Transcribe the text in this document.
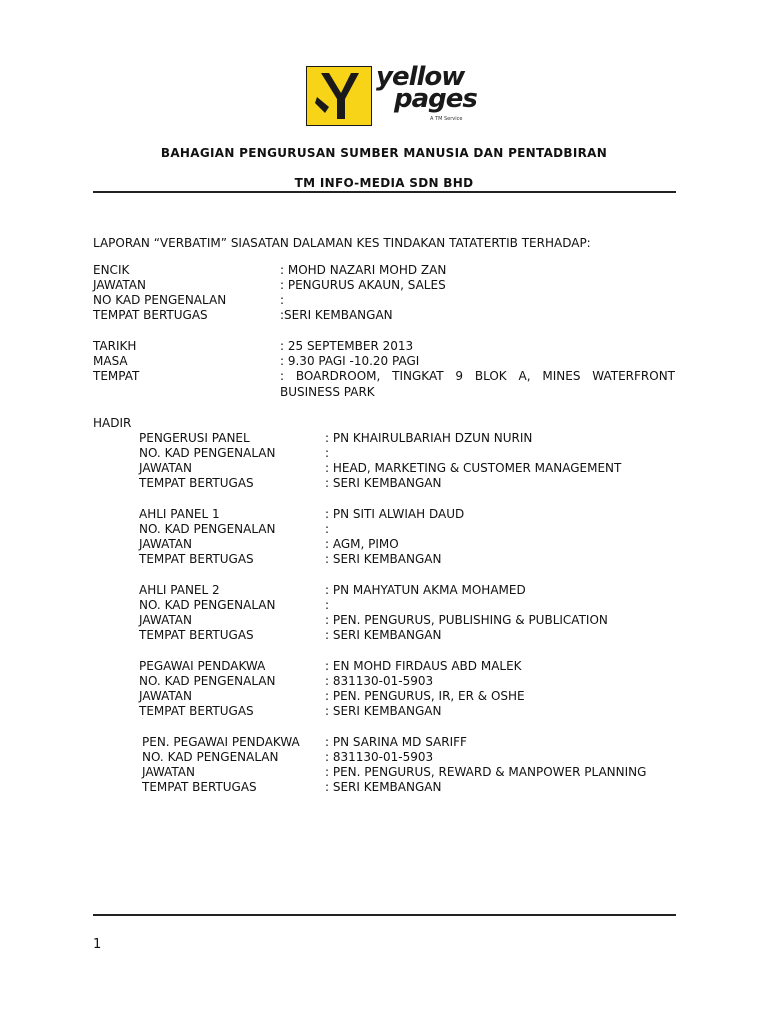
yellow
pages
A TM Service
BAHAGIAN PENGURUSAN SUMBER MANUSIA DAN PENTADBIRAN
TM INFO-MEDIA SDN BHD
LAPORAN “VERBATIM” SIASATAN DALAMAN KES TINDAKAN TATATERTIB TERHADAP:
ENCIK	: MOHD NAZARI MOHD ZAN
JAWATAN	: PENGURUS AKAUN, SALES
NO KAD PENGENALAN	:
TEMPAT BERTUGAS	:SERI KEMBANGAN
TARIKH	: 25 SEPTEMBER 2013
MASA	: 9.30 PAGI -10.20 PAGI
TEMPAT	: BOARDROOM, TINGKAT 9 BLOK A, MINES WATERFRONT
BUSINESS PARK
HADIR
PENGERUSI PANEL	: PN KHAIRULBARIAH DZUN NURIN
NO. KAD PENGENALAN	:
JAWATAN	: HEAD, MARKETING & CUSTOMER MANAGEMENT
TEMPAT BERTUGAS	: SERI KEMBANGAN
AHLI PANEL 1	: PN SITI ALWIAH DAUD
NO. KAD PENGENALAN	:
JAWATAN	: AGM, PIMO
TEMPAT BERTUGAS	: SERI KEMBANGAN
AHLI PANEL 2	: PN MAHYATUN AKMA MOHAMED
NO. KAD PENGENALAN	:
JAWATAN	: PEN. PENGURUS, PUBLISHING & PUBLICATION
TEMPAT BERTUGAS	: SERI KEMBANGAN
PEGAWAI PENDAKWA	: EN MOHD FIRDAUS ABD MALEK
NO. KAD PENGENALAN	: 831130-01-5903
JAWATAN	: PEN. PENGURUS, IR, ER & OSHE
TEMPAT BERTUGAS	: SERI KEMBANGAN
PEN. PEGAWAI PENDAKWA : PN SARINA MD SARIFF
NO. KAD PENGENALAN	: 831130-01-5903
JAWATAN	: PEN. PENGURUS, REWARD & MANPOWER PLANNING
TEMPAT BERTUGAS	: SERI KEMBANGAN
1
